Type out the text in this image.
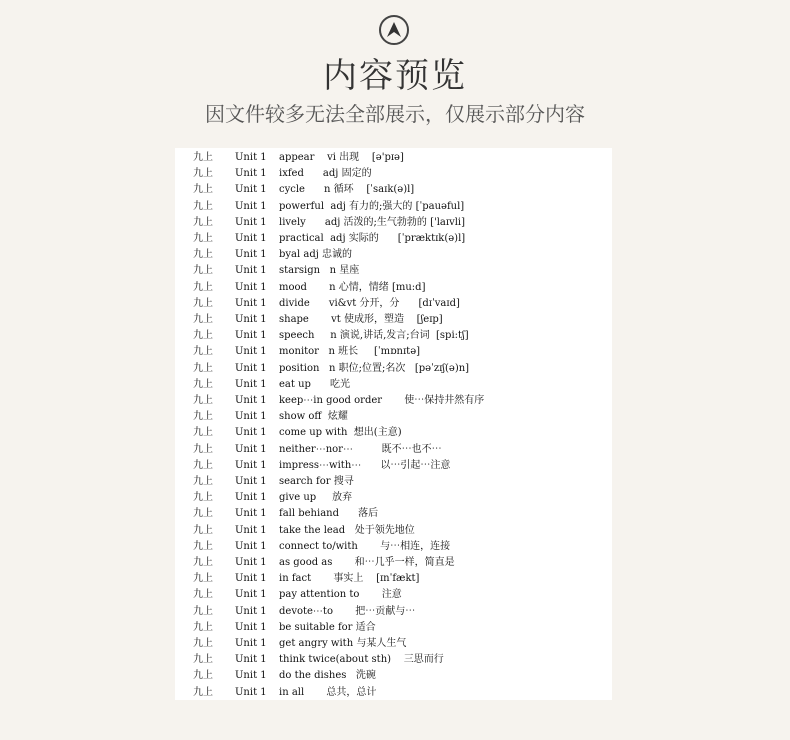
内容预览
因文件较多无法全部展示，仅展示部分内容
九上 Unit 1 appear    vi 出现    [ə'pɪə]
九上 Unit 1 ixfed      adj 固定的
九上 Unit 1 cycle      n 循环    [ˈsaɪk(ə)l]
九上 Unit 1 powerful  adj 有力的;强大的 [ˈpauəful]
九上 Unit 1 lively      adj 活泼的;生气勃勃的 ['laɪvli]
九上 Unit 1 practical  adj 实际的      [ˈpræktɪk(ə)l]
九上 Unit 1 byal adj 忠诚的
九上 Unit 1 starsign   n 星座
九上 Unit 1 mood       n 心情，情绪 [mu:d]
九上 Unit 1 divide      vi&vt 分开，分      [dɪˈvaɪd]
九上 Unit 1 shape       vt 使成形，塑造    [ʃeɪp]
九上 Unit 1 speech     n 演说,讲话,发言;台词  [spi:tʃ]
九上 Unit 1 monitor   n 班长     [ˈmɒnɪtə]
九上 Unit 1 position   n 职位;位置;名次   [pəˈzɪʃ(ə)n]
九上 Unit 1 eat up      吃光
九上 Unit 1 keep⋯in good order       使⋯保持井然有序
九上 Unit 1 show off  炫耀
九上 Unit 1 come up with  想出(主意)
九上 Unit 1 neither⋯nor⋯         既不⋯也不⋯
九上 Unit 1 impress⋯with⋯      以⋯引起⋯注意
九上 Unit 1 search for 搜寻
九上 Unit 1 give up     放弃
九上 Unit 1 fall behiand      落后
九上 Unit 1 take the lead   处于领先地位
九上 Unit 1 connect to/with       与⋯相连，连接
九上 Unit 1 as good as       和⋯几乎一样，简直是
九上 Unit 1 in fact       事实上    [ɪnˈfækt]
九上 Unit 1 pay attention to       注意
九上 Unit 1 devote⋯to       把⋯贡献与⋯
九上 Unit 1 be suitable for 适合
九上 Unit 1 get angry with 与某人生气
九上 Unit 1 think twice(about sth)    三思而行
九上 Unit 1 do the dishes   洗碗
九上 Unit 1 in all       总共，总计
